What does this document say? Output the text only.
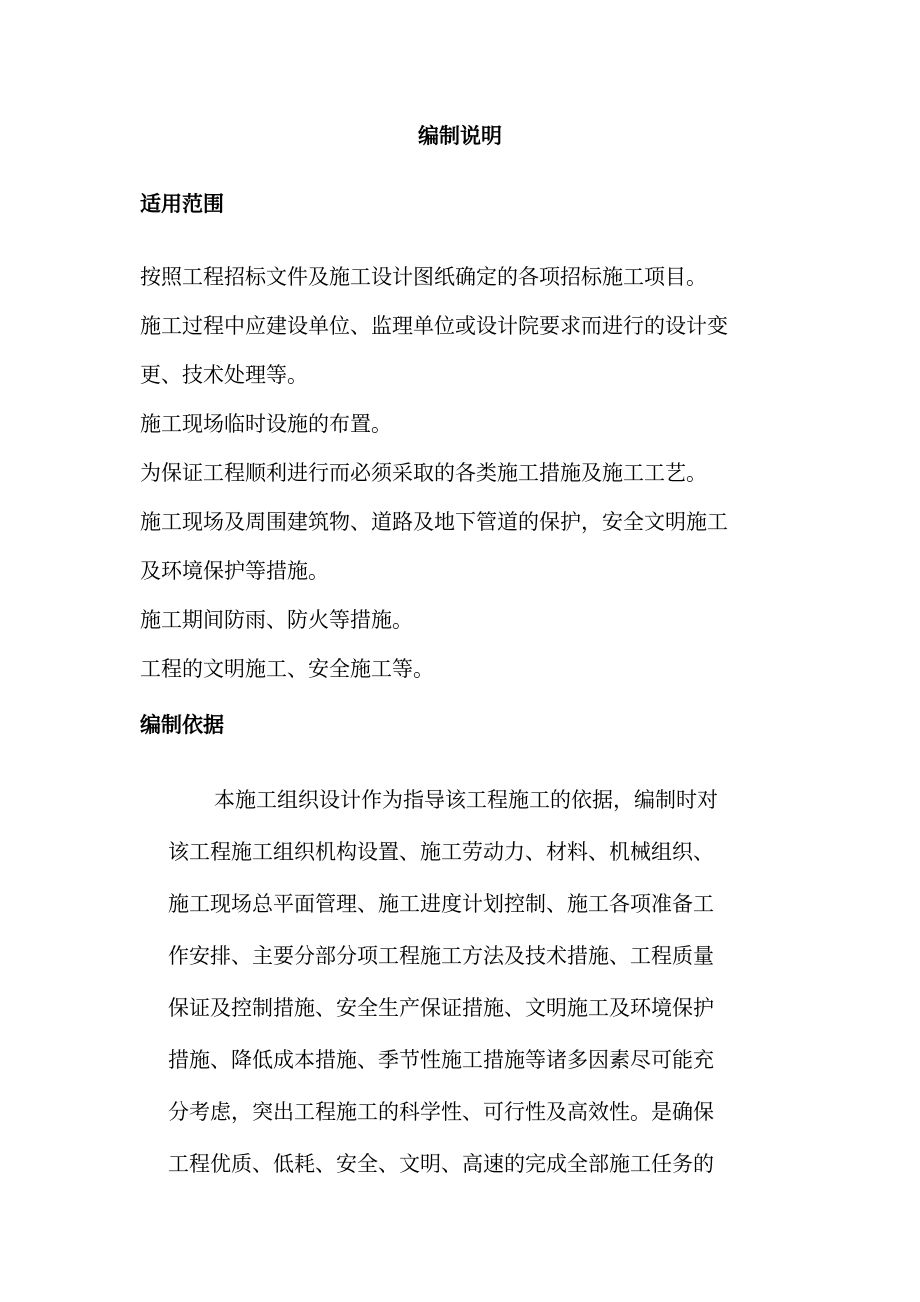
编制说明
适用范围
按照工程招标文件及施工设计图纸确定的各项招标施工项目。
施工过程中应建设单位、监理单位或设计院要求而进行的设计变
更、技术处理等。
施工现场临时设施的布置。
为保证工程顺利进行而必须采取的各类施工措施及施工工艺。
施工现场及周围建筑物、道路及地下管道的保护，安全文明施工
及环境保护等措施。
施工期间防雨、防火等措施。
工程的文明施工、安全施工等。
编制依据
本施工组织设计作为指导该工程施工的依据，编制时对
该工程施工组织机构设置、施工劳动力、材料、机械组织、
施工现场总平面管理、施工进度计划控制、施工各项准备工
作安排、主要分部分项工程施工方法及技术措施、工程质量
保证及控制措施、安全生产保证措施、文明施工及环境保护
措施、降低成本措施、季节性施工措施等诸多因素尽可能充
分考虑，突出工程施工的科学性、可行性及高效性。是确保
工程优质、低耗、安全、文明、高速的完成全部施工任务的
